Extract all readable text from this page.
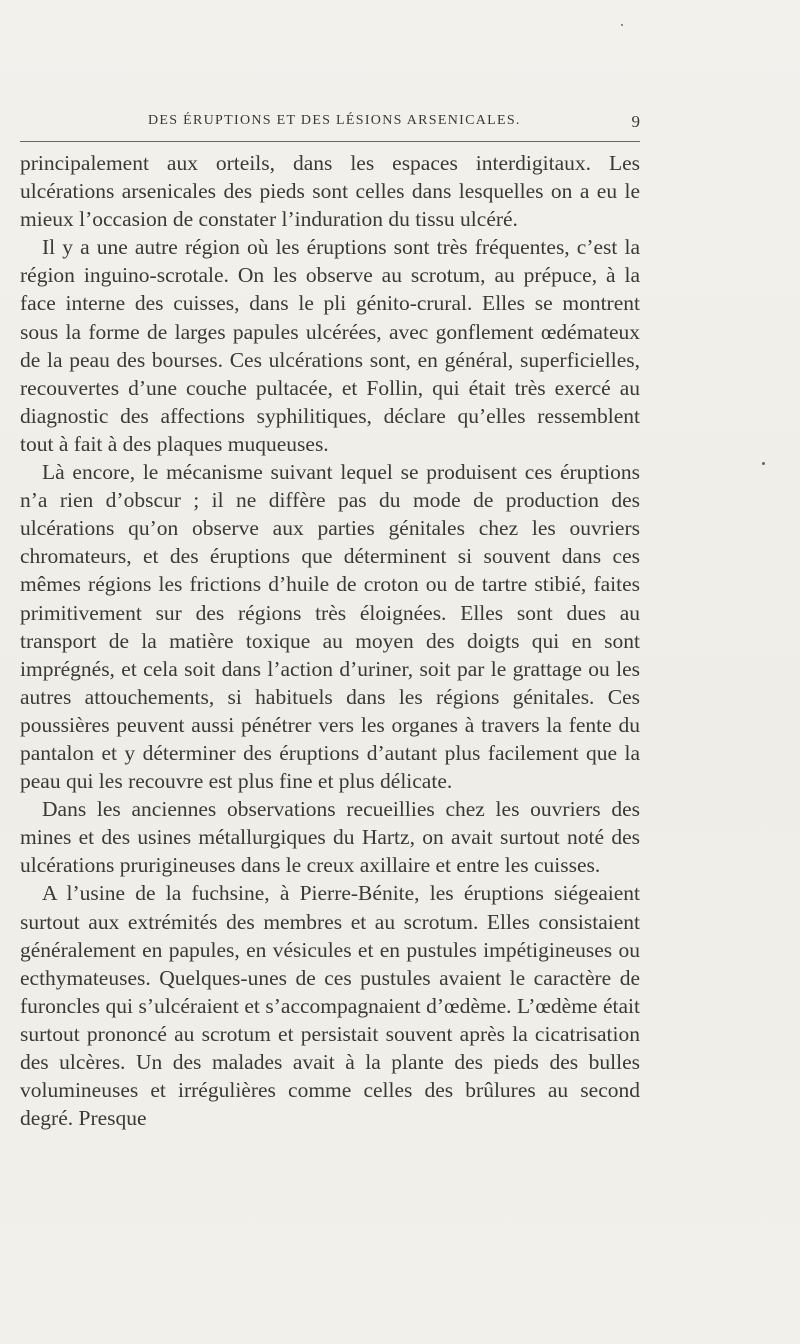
DES ÉRUPTIONS ET DES LÉSIONS ARSENICALES.	9

principalement aux orteils, dans les espaces interdigitaux. Les ulcérations arsenicales des pieds sont celles dans lesquelles on a eu le mieux l’occasion de constater l’induration du tissu ulcéré.

Il y a une autre région où les éruptions sont très fréquentes, c’est la région inguino-scrotale. On les observe au scrotum, au prépuce, à la face interne des cuisses, dans le pli génito-crural. Elles se montrent sous la forme de larges papules ulcérées, avec gonflement œdémateux de la peau des bourses. Ces ulcérations sont, en général, superficielles, recouvertes d’une couche pultacée, et Follin, qui était très exercé au diagnostic des affections syphilitiques, déclare qu’elles ressemblent tout à fait à des plaques muqueuses.

Là encore, le mécanisme suivant lequel se produisent ces éruptions n’a rien d’obscur ; il ne diffère pas du mode de production des ulcérations qu’on observe aux parties génitales chez les ouvriers chromateurs, et des éruptions que déterminent si souvent dans ces mêmes régions les frictions d’huile de croton ou de tartre stibié, faites primitivement sur des régions très éloignées. Elles sont dues au transport de la matière toxique au moyen des doigts qui en sont imprégnés, et cela soit dans l’action d’uriner, soit par le grattage ou les autres attouchements, si habituels dans les régions génitales. Ces poussières peuvent aussi pénétrer vers les organes à travers la fente du pantalon et y déterminer des éruptions d’autant plus facilement que la peau qui les recouvre est plus fine et plus délicate.

Dans les anciennes observations recueillies chez les ouvriers des mines et des usines métallurgiques du Hartz, on avait surtout noté des ulcérations prurigineuses dans le creux axillaire et entre les cuisses.

A l’usine de la fuchsine, à Pierre-Bénite, les éruptions siégeaient surtout aux extrémités des membres et au scrotum. Elles consistaient généralement en papules, en vésicules et en pustules impétigineuses ou ecthymateuses. Quelques-unes de ces pustules avaient le caractère de furoncles qui s’ulcéraient et s’accompagnaient d’œdème. L’œdème était surtout prononcé au scrotum et persistait souvent après la cicatrisation des ulcères. Un des malades avait à la plante des pieds des bulles volumineuses et irrégulières comme celles des brûlures au second degré. Presque
